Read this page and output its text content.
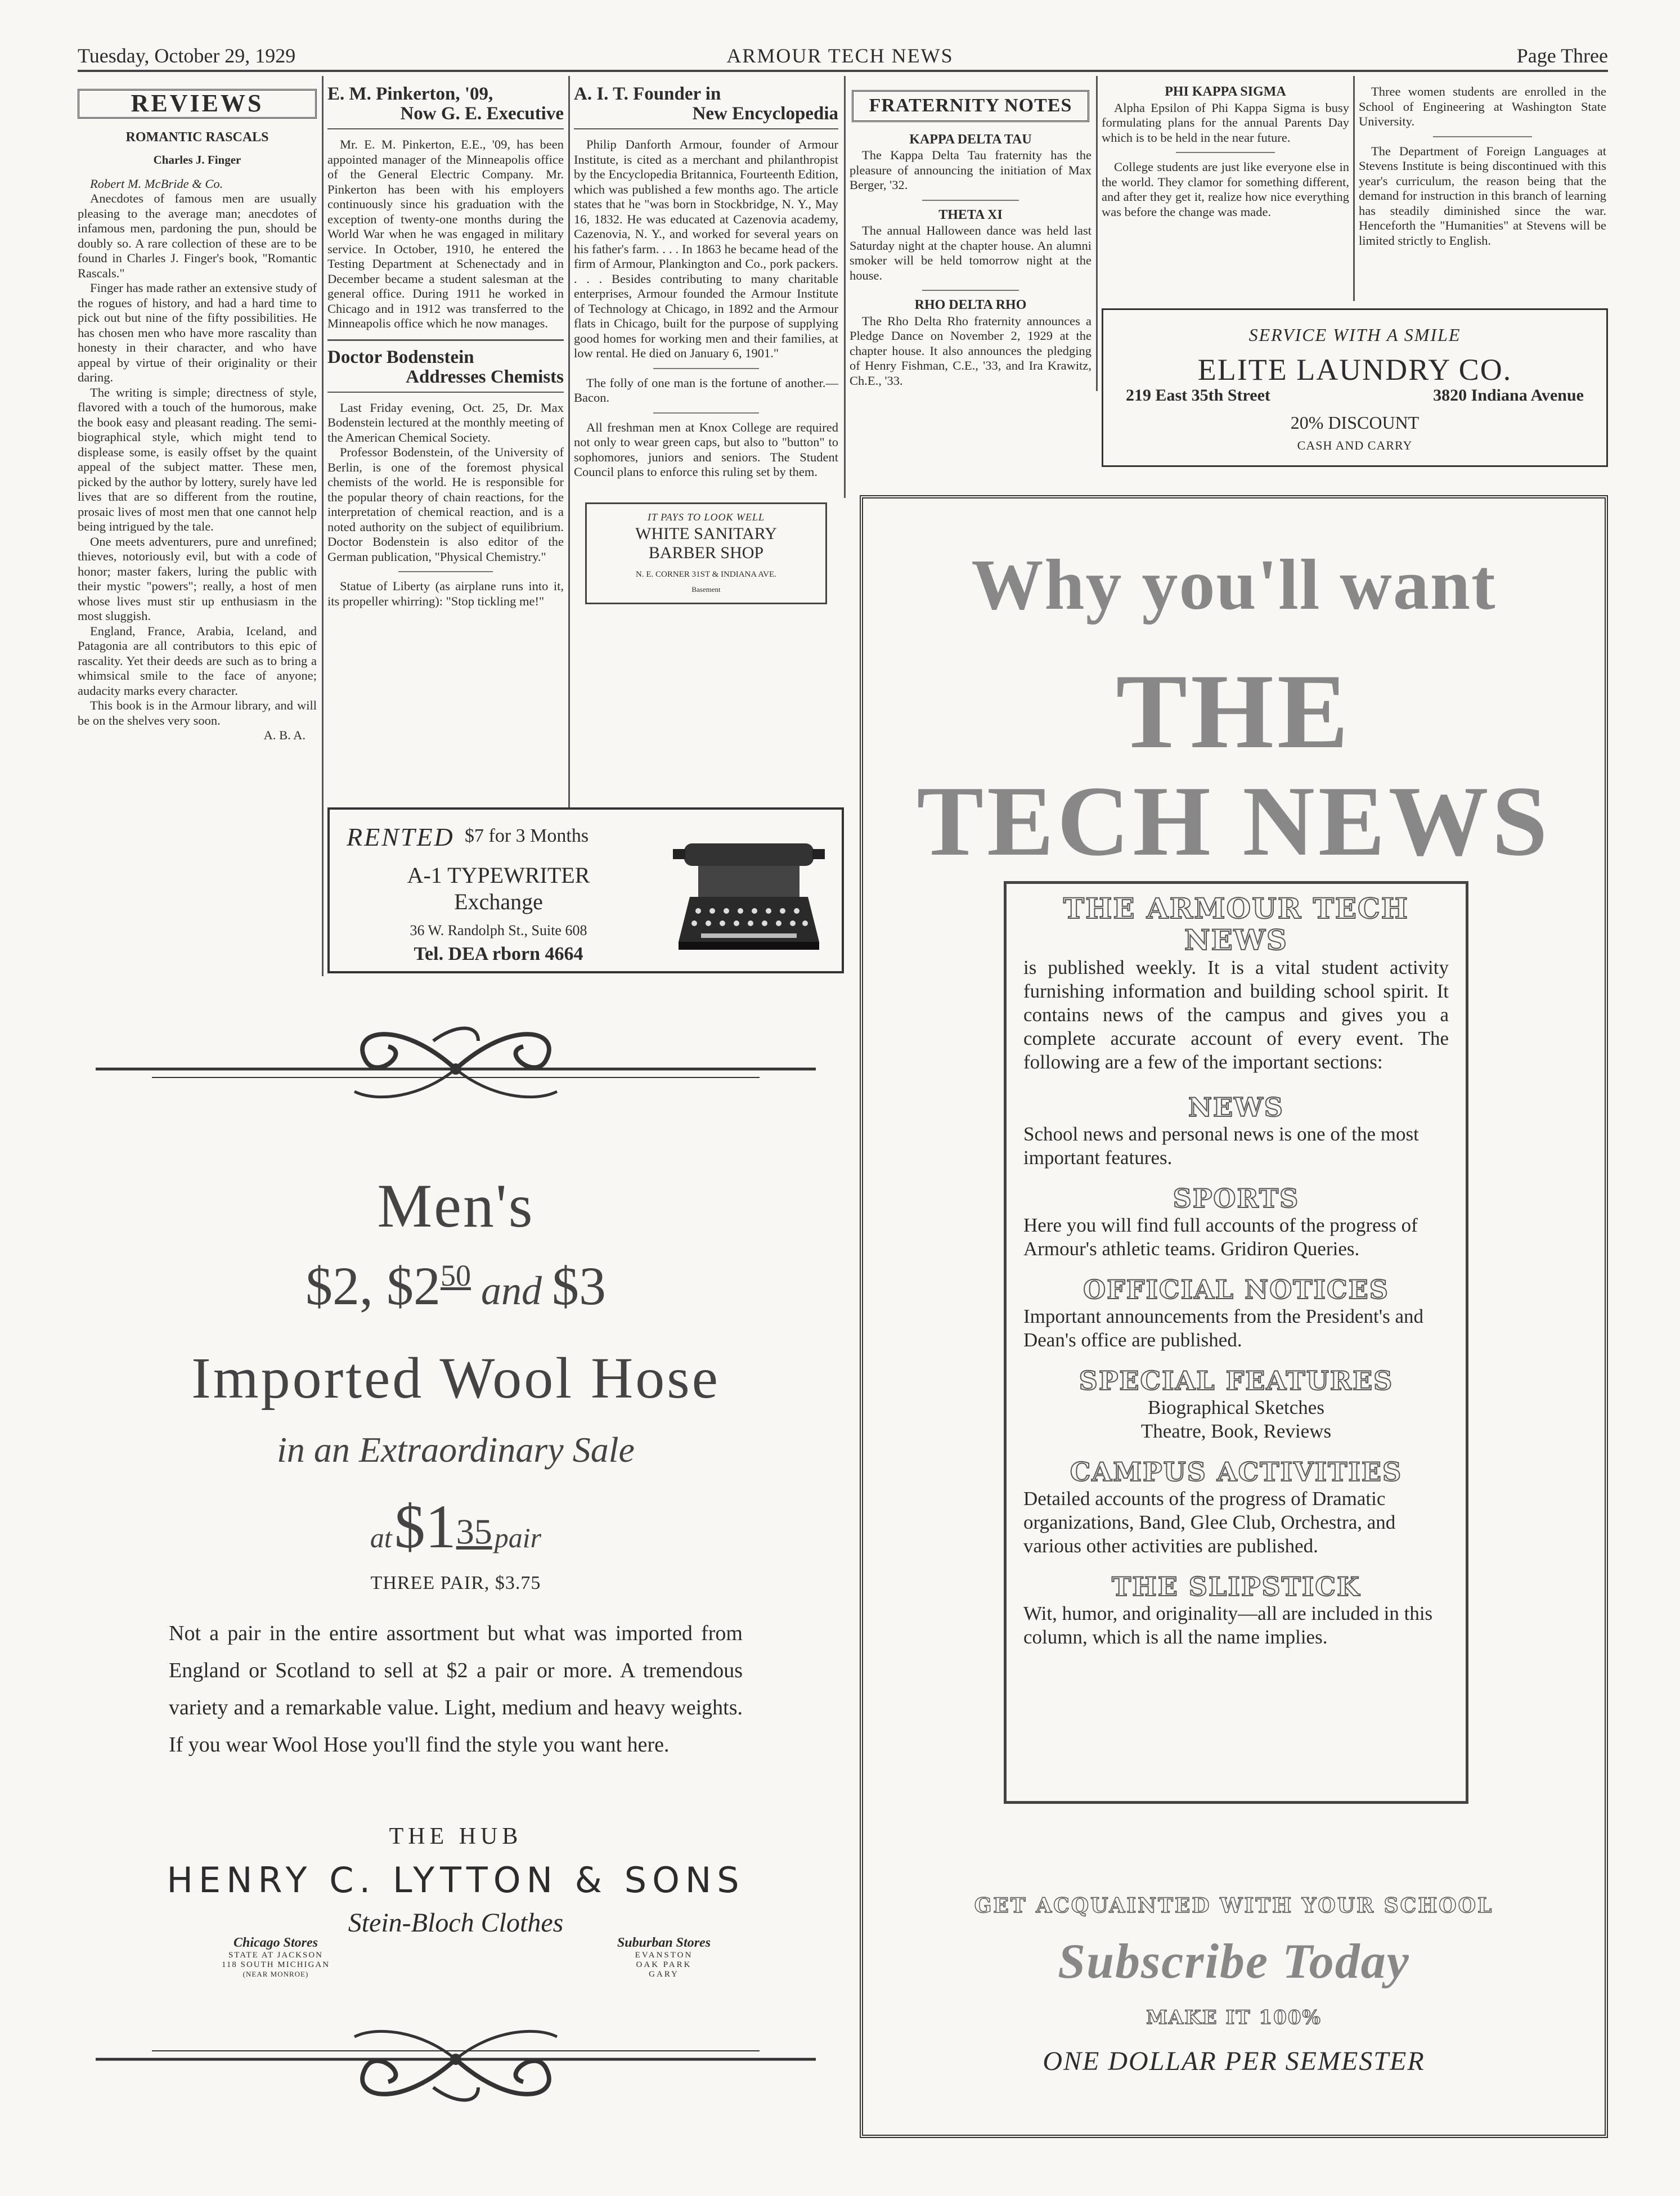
Tuesday, October 29, 1929	ARMOUR TECH NEWS	Page Three
REVIEWS
ROMANTIC RASCALS
Charles J. Finger

Robert M. McBride & Co.

Anecdotes of famous men are usually pleasing to the average man; anecdotes of infamous men, pardoning the pun, should be doubly so. A rare collection of these are to be found in Charles J. Finger's book, "Romantic Rascals."

Finger has made rather an extensive study of the rogues of history, and had a hard time to pick out but nine of the fifty possibilities. He has chosen men who have more rascality than honesty in their character, and who have appeal by virtue of their originality or their daring.

The writing is simple; directness of style, flavored with a touch of the humorous, make the book easy and pleasant reading. The semi-biographical style, which might tend to displease some, is easily offset by the quaint appeal of the subject matter. These men, picked by the author by lottery, surely have led lives that are so different from the routine, prosaic lives of most men that one cannot help being intrigued by the tale.

One meets adventurers, pure and unrefined; thieves, notoriously evil, but with a code of honor; master fakers, luring the public with their mystic "powers"; really, a host of men whose lives must stir up enthusiasm in the most sluggish.

England, France, Arabia, Iceland, and Patagonia are all contributors to this epic of rascality. Yet their deeds are such as to bring a whimsical smile to the face of anyone; audacity marks every character.

This book is in the Armour library, and will be on the shelves very soon.

A. B. A.

E. M. Pinkerton, '09,
Now G. E. Executive

Mr. E. M. Pinkerton, E.E., '09, has been appointed manager of the Minneapolis office of the General Electric Company. Mr. Pinkerton has been with his employers continuously since his graduation with the exception of twenty-one months during the World War when he was engaged in military service. In October, 1910, he entered the Testing Department at Schenectady and in December became a student salesman at the general office. During 1911 he worked in Chicago and in 1912 was transferred to the Minneapolis office which he now manages.

Doctor Bodenstein
Addresses Chemists

Last Friday evening, Oct. 25, Dr. Max Bodenstein lectured at the monthly meeting of the American Chemical Society.

Professor Bodenstein, of the University of Berlin, is one of the foremost physical chemists of the world. He is responsible for the popular theory of chain reactions, for the interpretation of chemical reaction, and is a noted authority on the subject of equilibrium. Doctor Bodenstein is also editor of the German publication, "Physical Chemistry."

Statue of Liberty (as airplane runs into it, its propeller whirring): "Stop tickling me!"

A. I. T. Founder in
New Encyclopedia

Philip Danforth Armour, founder of Armour Institute, is cited as a merchant and philanthropist by the Encyclopedia Britannica, Fourteenth Edition, which was published a few months ago. The article states that he "was born in Stockbridge, N. Y., May 16, 1832. He was educated at Cazenovia academy, Cazenovia, N. Y., and worked for several years on his father's farm. . . . In 1863 he became head of the firm of Armour, Plankington and Co., pork packers. . . . Besides contributing to many charitable enterprises, Armour founded the Armour Institute of Technology at Chicago, in 1892 and the Armour flats in Chicago, built for the purpose of supplying good homes for working men and their families, at low rental. He died on January 6, 1901."

The folly of one man is the fortune of another.—Bacon.

All freshman men at Knox College are required not only to wear green caps, but also to "button" to sophomores, juniors and seniors. The Student Council plans to enforce this ruling set by them.

IT PAYS TO LOOK WELL
WHITE SANITARY
BARBER SHOP
N. E. CORNER 31ST & INDIANA AVE.
Basement
RENTED $7 for 3 Months
A-1 TYPEWRITER
Exchange
36 W. Randolph St., Suite 608
Tel. DEA rborn 4664
FRATERNITY NOTES
KAPPA DELTA TAU

The Kappa Delta Tau fraternity has the pleasure of announcing the initiation of Max Berger, '32.

THETA XI

The annual Halloween dance was held last Saturday night at the chapter house. An alumni smoker will be held tomorrow night at the house.

RHO DELTA RHO

The Rho Delta Rho fraternity announces a Pledge Dance on November 2, 1929 at the chapter house. It also announces the pledging of Henry Fishman, C.E., '33, and Ira Krawitz, Ch.E., '33.

PHI KAPPA SIGMA

Alpha Epsilon of Phi Kappa Sigma is busy formulating plans for the annual Parents Day which is to be held in the near future.

College students are just like everyone else in the world. They clamor for something different, and after they get it, realize how nice everything was before the change was made.

Three women students are enrolled in the School of Engineering at Washington State University.

The Department of Foreign Languages at Stevens Institute is being discontinued with this year's curriculum, the reason being that the demand for instruction in this branch of learning has steadily diminished since the war. Henceforth the "Humanities" at Stevens will be limited strictly to English.

SERVICE WITH A SMILE
ELITE LAUNDRY CO.
219 East 35th Street	3820 Indiana Avenue
20% DISCOUNT
CASH AND CARRY
Men's
$2, $\$2^{50}$ and $3
Imported Wool Hose
in an Extraordinary Sale
at $\$1^{35}$ pair
THREE PAIR, $3.75
Not a pair in the entire assortment but what was imported from England or Scotland to sell at $2 a pair or more. A tremendous variety and a remarkable value. Light, medium and heavy weights. If you wear Wool Hose you'll find the style you want here.
THE HUB
HENRY C. LYTTON & SONS
Stein-Bloch Clothes
Chicago Stores
STATE AT JACKSON
118 SOUTH MICHIGAN
(NEAR MONROE)
Suburban Stores
EVANSTON
OAK PARK
GARY
Why you'll want
THE
TECH NEWS
THE ARMOUR TECH
NEWS
is published weekly. It is a vital student activity furnishing information and building school spirit. It contains news of the campus and gives you a complete accurate account of every event. The following are a few of the important sections:
NEWS
School news and personal news is one of the most important features.
SPORTS
Here you will find full accounts of the progress of Armour's athletic teams. Gridiron Queries.
OFFICIAL NOTICES
Important announcements from the President's and Dean's office are published.
SPECIAL FEATURES
Biographical Sketches
Theatre, Book, Reviews
CAMPUS ACTIVITIES
Detailed accounts of the progress of Dramatic organizations, Band, Glee Club, Orchestra, and various other activities are published.
THE SLIPSTICK
Wit, humor, and originality—all are included in this column, which is all the name implies.
GET ACQUAINTED WITH YOUR SCHOOL
Subscribe Today
MAKE IT 100%
ONE DOLLAR PER SEMESTER
